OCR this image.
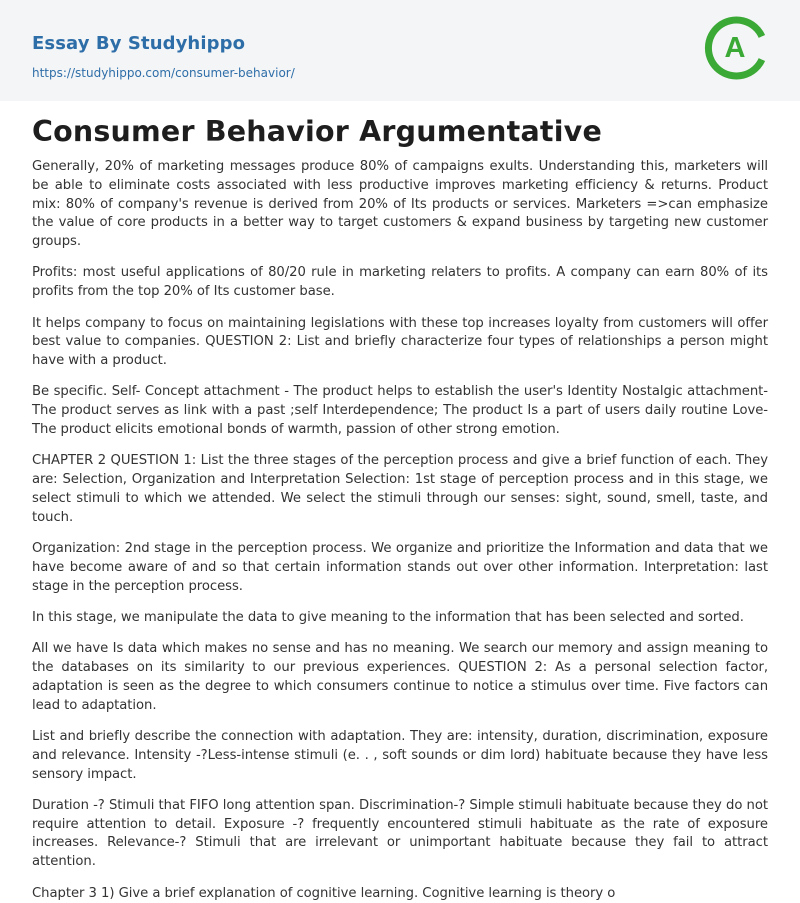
Essay By Studyhippo
https://studyhippo.com/consumer-behavior/
A
Consumer Behavior Argumentative

Generally, 20% of marketing messages produce 80% of campaigns exults. Understanding this, marketers will be able to eliminate costs associated with less productive improves marketing efficiency & returns. Product mix: 80% of company's revenue is derived from 20% of Its products or services. Marketers =>can emphasize the value of core products in a better way to target customers & expand business by targeting new customer groups.

Profits: most useful applications of 80/20 rule in marketing relaters to profits. A company can earn 80% of its profits from the top 20% of Its customer base.

It helps company to focus on maintaining legislations with these top increases loyalty from customers will offer best value to companies. QUESTION 2: List and briefly characterize four types of relationships a person might have with a product.

Be specific. Self- Concept attachment - The product helps to establish the user's Identity Nostalgic attachment- The product serves as link with a past ;self Interdependence; The product Is a part of users daily routine Love- The product elicits emotional bonds of warmth, passion of other strong emotion.

CHAPTER 2 QUESTION 1: List the three stages of the perception process and give a brief function of each. They are: Selection, Organization and Interpretation Selection: 1st stage of perception process and in this stage, we select stimuli to which we attended. We select the stimuli through our senses: sight, sound, smell, taste, and touch.

Organization: 2nd stage in the perception process. We organize and prioritize the Information and data that we have become aware of and so that certain information stands out over other information. Interpretation: last stage in the perception process.

In this stage, we manipulate the data to give meaning to the information that has been selected and sorted.

All we have Is data which makes no sense and has no meaning. We search our memory and assign meaning to the databases on its similarity to our previous experiences. QUESTION 2: As a personal selection factor, adaptation is seen as the degree to which consumers continue to notice a stimulus over time. Five factors can lead to adaptation.

List and briefly describe the connection with adaptation. They are: intensity, duration, discrimination, exposure and relevance. Intensity -?Less-intense stimuli (e. . , soft sounds or dim lord) habituate because they have less sensory impact.

Duration -? Stimuli that FIFO long attention span. Discrimination-? Simple stimuli habituate because they do not require attention to detail. Exposure -? frequently encountered stimuli habituate as the rate of exposure increases. Relevance-? Stimuli that are irrelevant or unimportant habituate because they fail to attract attention.

Chapter 3 1) Give a brief explanation of cognitive learning. Cognitive learning is theory o
